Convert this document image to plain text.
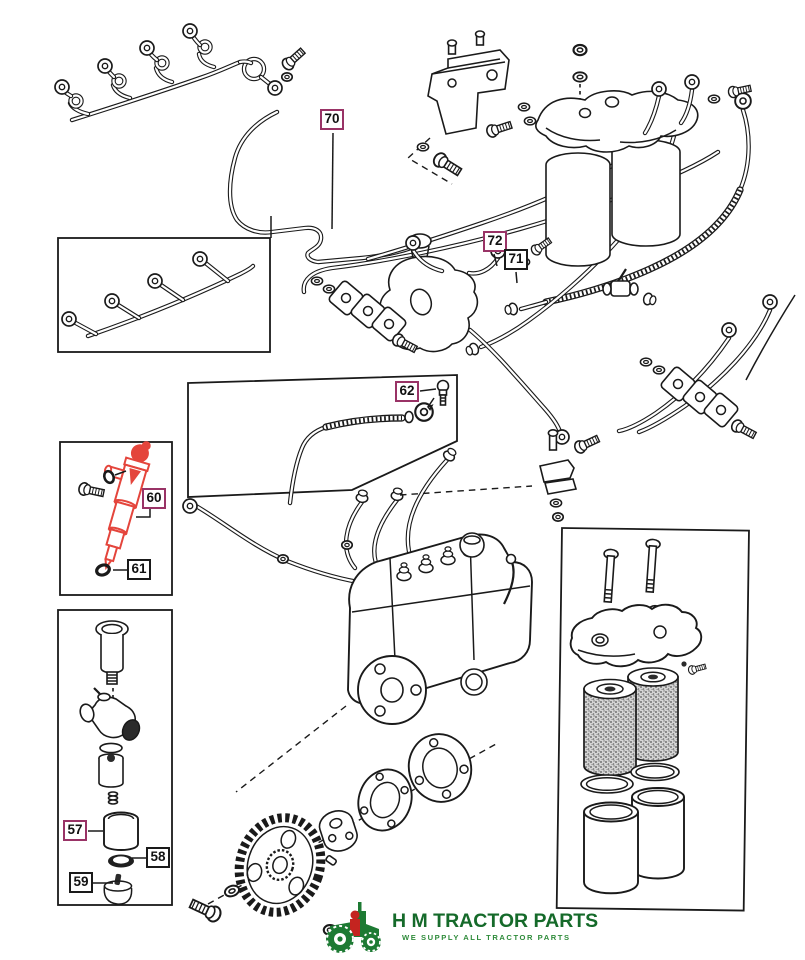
70
72
71
62
60
61
57
58
59
H M TRACTOR PARTS
WE SUPPLY ALL TRACTOR PARTS
